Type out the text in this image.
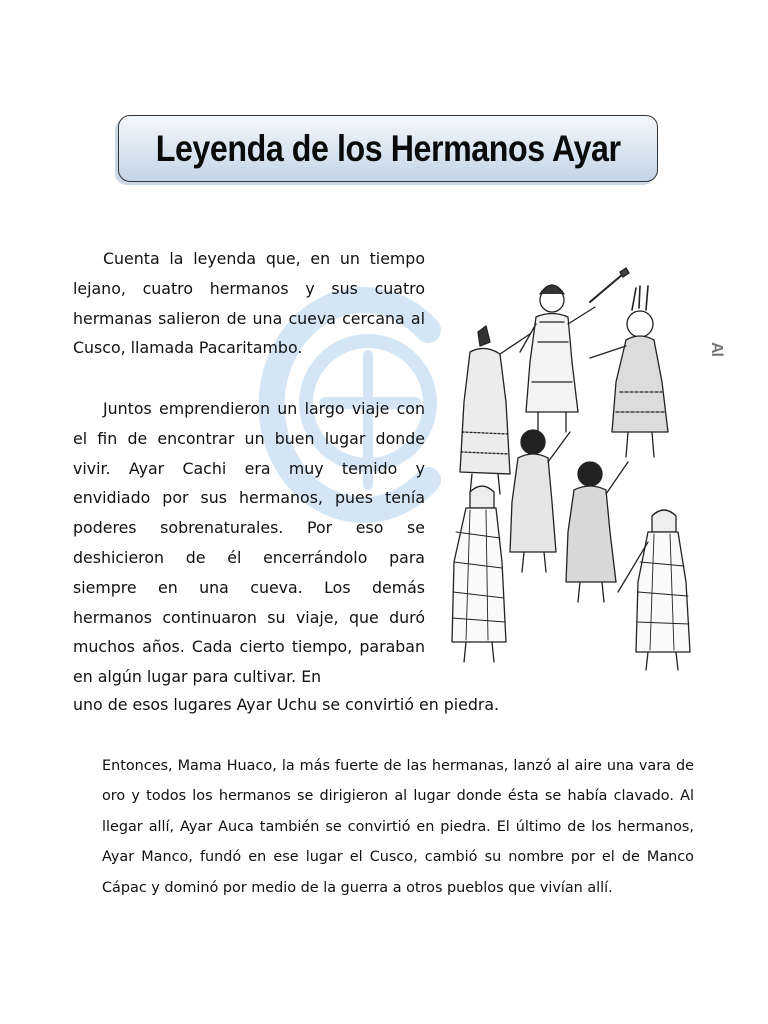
Leyenda de los Hermanos Ayar

Cuenta la leyenda que, en un tiempo lejano, cuatro hermanos y sus cuatro hermanas salieron de una cueva cercana al Cusco, llamada Pacaritambo.

Juntos emprendieron un largo viaje con el fin de encontrar un buen lugar donde vivir. Ayar Cachi era muy temido y envidiado por sus hermanos, pues tenía poderes sobrenaturales. Por eso se deshicieron de él encerrándolo para siempre en una cueva. Los demás hermanos continuaron su viaje, que duró muchos años. Cada cierto tiempo, paraban en algún lugar para cultivar. En

uno de esos lugares Ayar Uchu se convirtió en piedra.

Entonces, Mama Huaco, la más fuerte de las hermanas, lanzó al aire una vara de oro y todos los hermanos se dirigieron al lugar donde ésta se había clavado. Al llegar allí, Ayar Auca también se convirtió en piedra. El último de los hermanos, Ayar Manco, fundó en ese lugar el Cusco, cambió su nombre por el de Manco Cápac y dominó por medio de la guerra a otros pueblos que vivían allí.

Al
